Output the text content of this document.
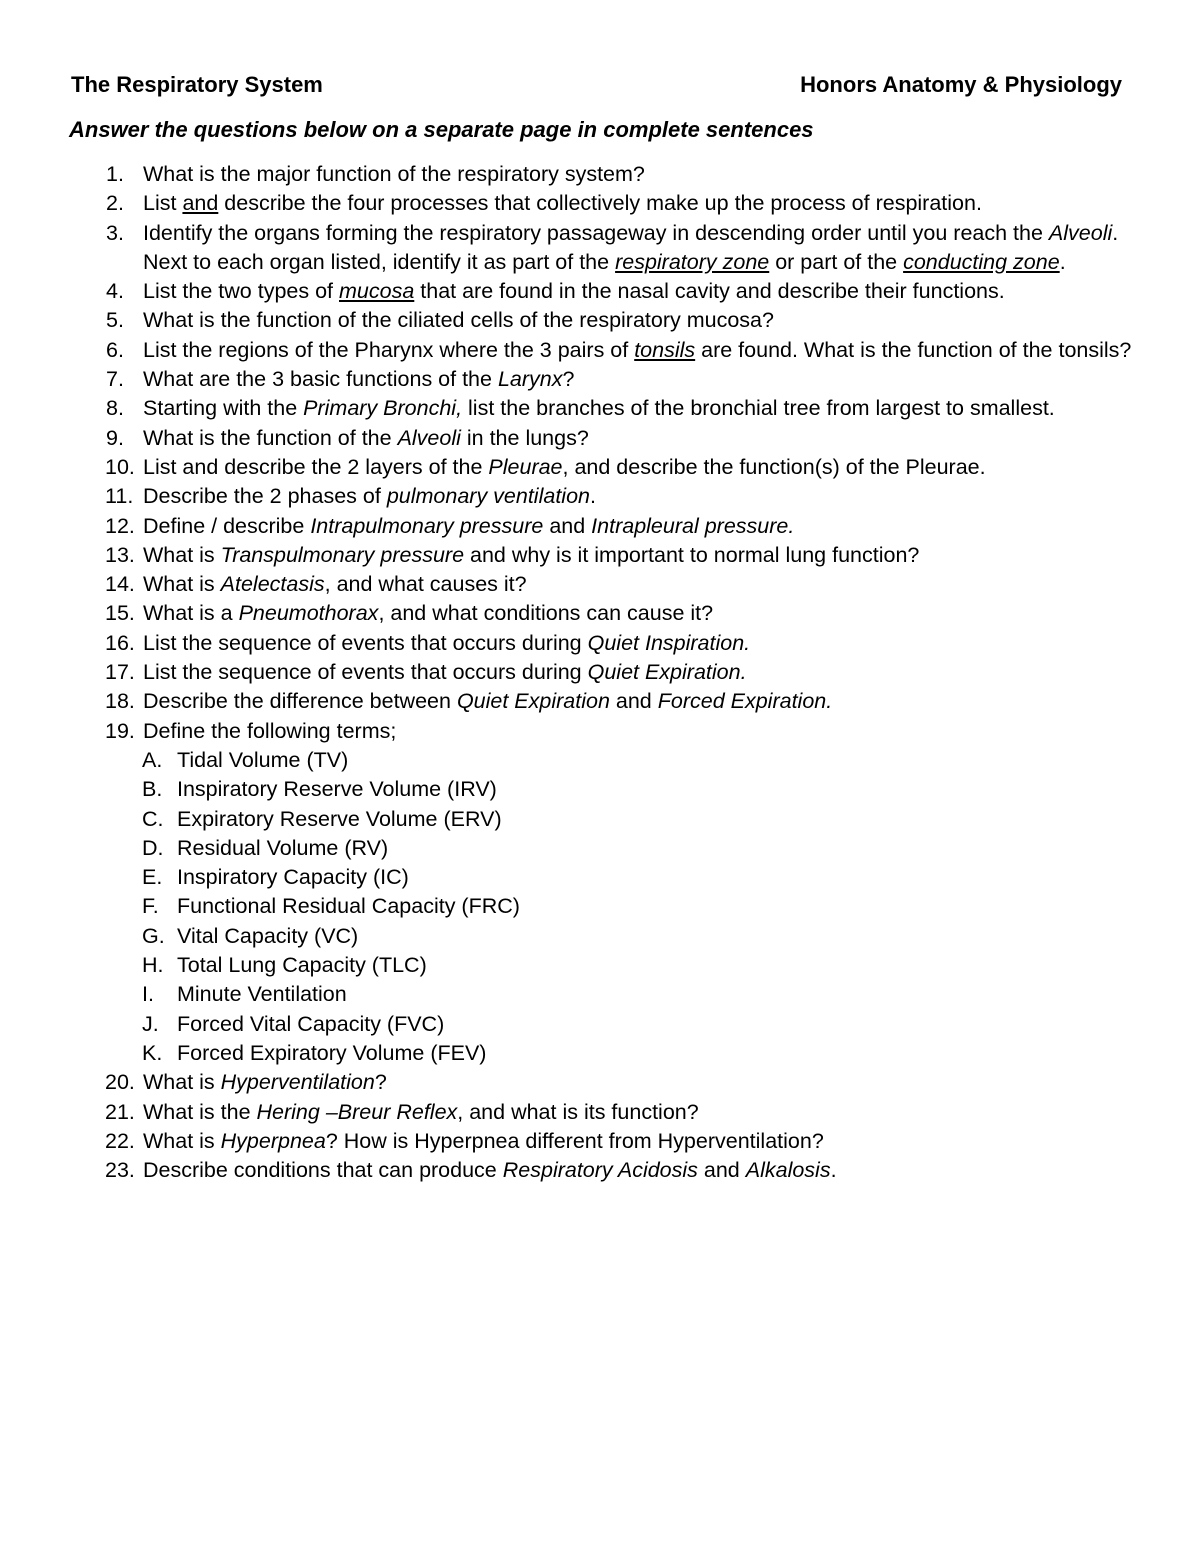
The Respiratory System	Honors Anatomy & Physiology
Answer the questions below on a separate page in complete sentences
1. What is the major function of the respiratory system?
2. List and describe the four processes that collectively make up the process of respiration.
3. Identify the organs forming the respiratory passageway in descending order until you reach the Alveoli. Next to each organ listed, identify it as part of the respiratory zone or part of the conducting zone.
4. List the two types of mucosa that are found in the nasal cavity and describe their functions.
5. What is the function of the ciliated cells of the respiratory mucosa?
6. List the regions of the Pharynx where the 3 pairs of tonsils are found. What is the function of the tonsils?
7. What are the 3 basic functions of the Larynx?
8. Starting with the Primary Bronchi, list the branches of the bronchial tree from largest to smallest.
9. What is the function of the Alveoli in the lungs?
10. List and describe the 2 layers of the Pleurae, and describe the function(s) of the Pleurae.
11. Describe the 2 phases of pulmonary ventilation.
12. Define / describe Intrapulmonary pressure and Intrapleural pressure.
13. What is Transpulmonary pressure and why is it important to normal lung function?
14. What is Atelectasis, and what causes it?
15. What is a Pneumothorax, and what conditions can cause it?
16. List the sequence of events that occurs during Quiet Inspiration.
17. List the sequence of events that occurs during Quiet Expiration.
18. Describe the difference between Quiet Expiration and Forced Expiration.
19. Define the following terms;
A. Tidal Volume (TV)
B. Inspiratory Reserve Volume (IRV)
C. Expiratory Reserve Volume (ERV)
D. Residual Volume (RV)
E. Inspiratory Capacity (IC)
F. Functional Residual Capacity (FRC)
G. Vital Capacity (VC)
H. Total Lung Capacity (TLC)
I.	Minute Ventilation
J. Forced Vital Capacity (FVC)
K. Forced Expiratory Volume (FEV)
20. What is Hyperventilation?
21. What is the Hering –Breur Reflex, and what is its function?
22. What is Hyperpnea? How is Hyperpnea different from Hyperventilation?
23. Describe conditions that can produce Respiratory Acidosis and Alkalosis.
